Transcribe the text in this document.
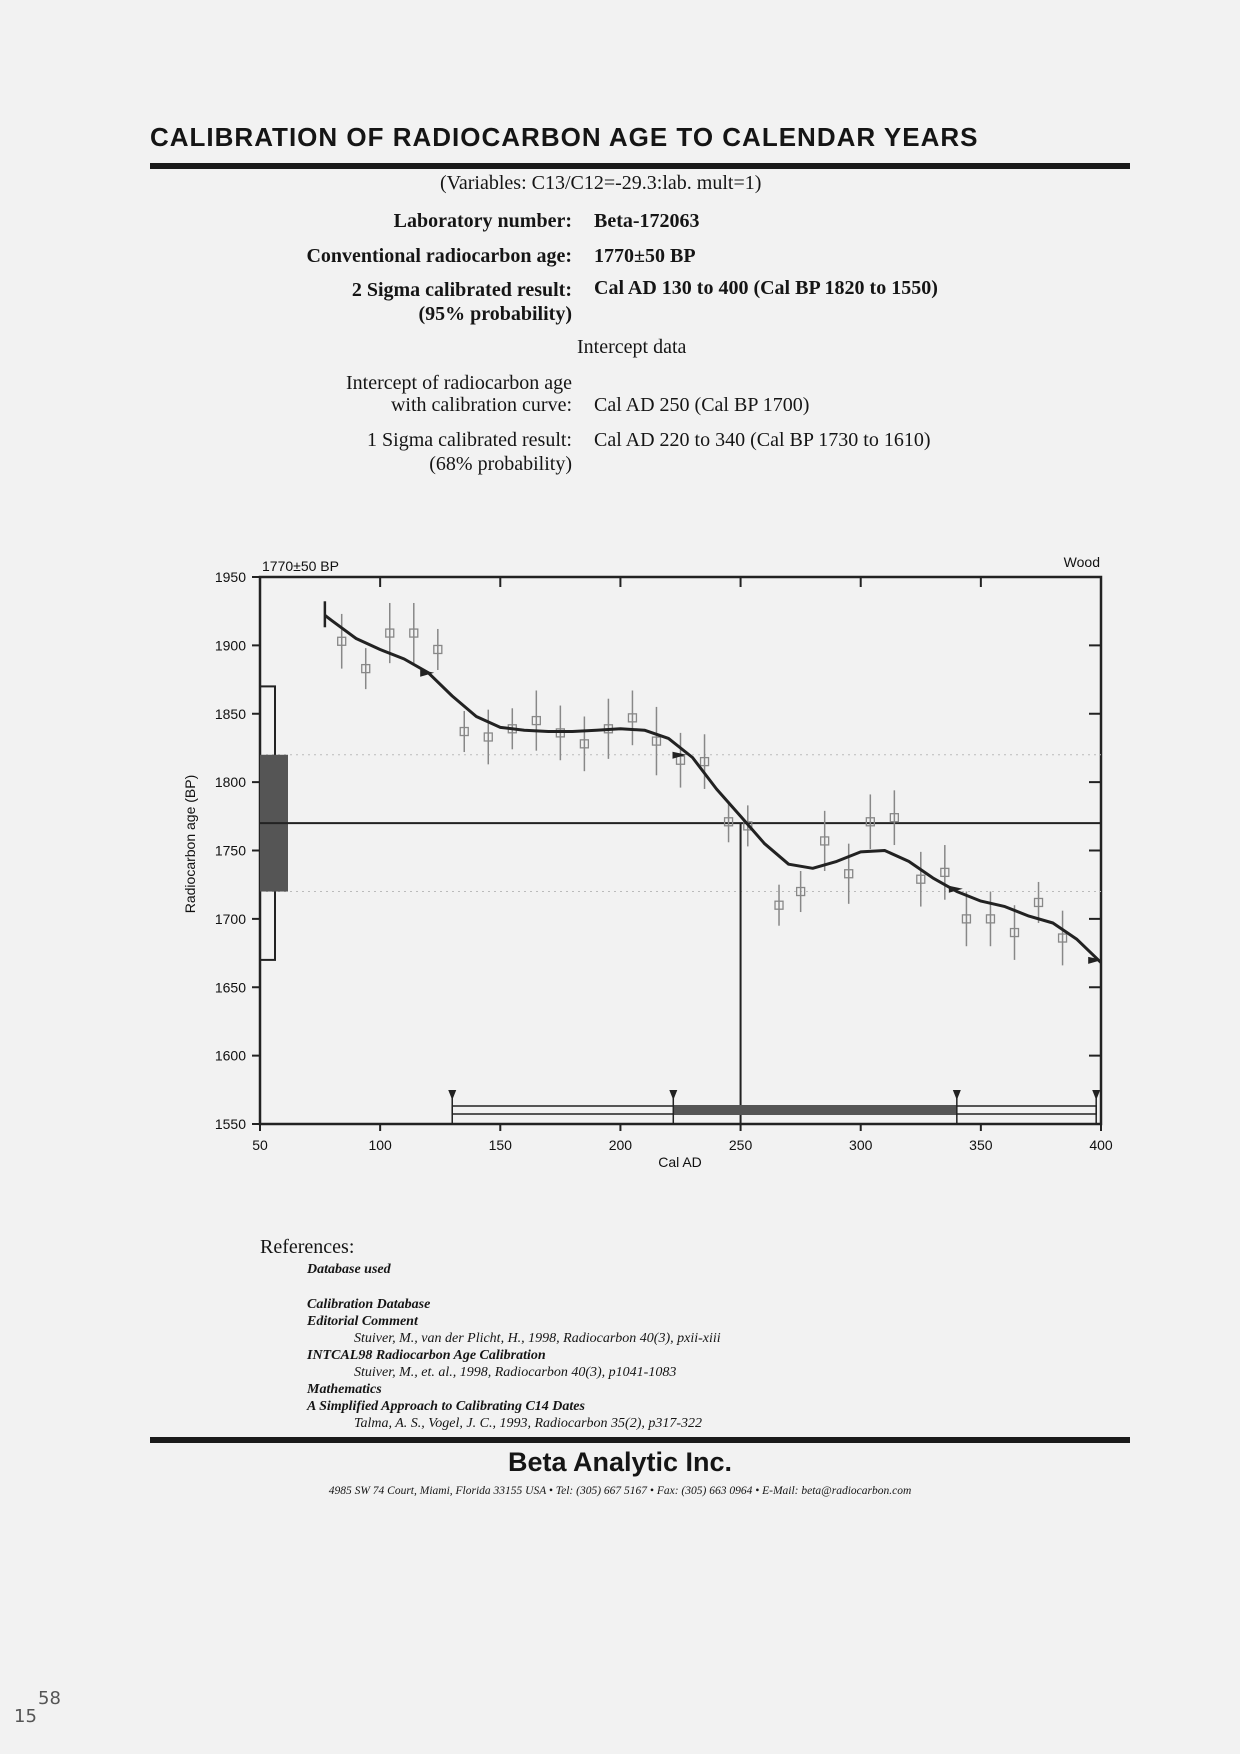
CALIBRATION OF RADIOCARBON AGE TO CALENDAR YEARS
(Variables: C13/C12=-29.3:lab. mult=1)
Laboratory number: Beta-172063
Conventional radiocarbon age: 1770±50 BP
2 Sigma calibrated result:
(95% probability)
Cal AD 130 to 400 (Cal BP 1820 to 1550)
Intercept data
Intercept of radiocarbon age
with calibration curve: Cal AD 250 (Cal BP 1700)
1 Sigma calibrated result:
(68% probability)
Cal AD 220 to 340 (Cal BP 1730 to 1610)
1770±50 BP	Wood
Cal AD
Radiocarbon age (BP)
50	100	150	200	250	300	350	400
1550
1600
1650
1700
1750
1800
1850
1900
1950
References:
Database used
Calibration Database
Editorial Comment
Stuiver, M., van der Plicht, H., 1998, Radiocarbon 40(3), pxii-xiii
INTCAL98 Radiocarbon Age Calibration
Stuiver, M., et. al., 1998, Radiocarbon 40(3), p1041-1083
Mathematics
A Simplified Approach to Calibrating C14 Dates
Talma, A. S., Vogel, J. C., 1993, Radiocarbon 35(2), p317-322
Beta Analytic Inc.
4985 SW 74 Court, Miami, Florida 33155 USA • Tel: (305) 667 5167 • Fax: (305) 663 0964 • E-Mail: beta@radiocarbon.com
58
15
